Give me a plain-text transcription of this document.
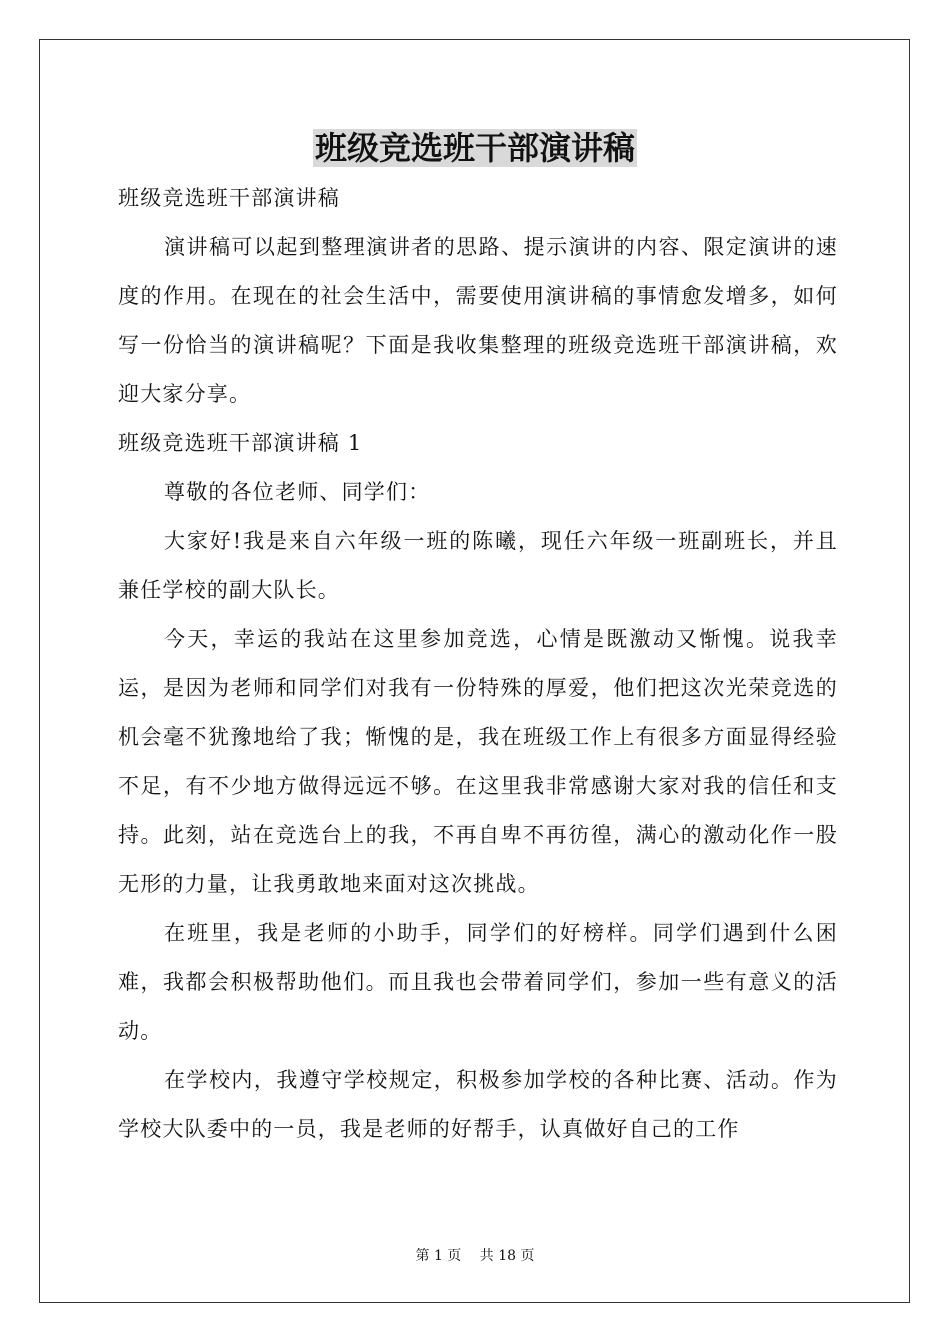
班级竞选班干部演讲稿

班级竞选班干部演讲稿

演讲稿可以起到整理演讲者的思路、提示演讲的内容、限定演讲的速度的作用。在现在的社会生活中，需要使用演讲稿的事情愈发增多，如何写一份恰当的演讲稿呢？下面是我收集整理的班级竞选班干部演讲稿，欢迎大家分享。

班级竞选班干部演讲稿 1

尊敬的各位老师、同学们：

大家好!我是来自六年级一班的陈曦，现任六年级一班副班长，并且兼任学校的副大队长。

今天，幸运的我站在这里参加竞选，心情是既激动又惭愧。说我幸运，是因为老师和同学们对我有一份特殊的厚爱，他们把这次光荣竞选的机会毫不犹豫地给了我；惭愧的是，我在班级工作上有很多方面显得经验不足，有不少地方做得远远不够。在这里我非常感谢大家对我的信任和支持。此刻，站在竞选台上的我，不再自卑不再彷徨，满心的激动化作一股无形的力量，让我勇敢地来面对这次挑战。

在班里，我是老师的小助手，同学们的好榜样。同学们遇到什么困难，我都会积极帮助他们。而且我也会带着同学们，参加一些有意义的活动。

在学校内，我遵守学校规定，积极参加学校的各种比赛、活动。作为学校大队委中的一员，我是老师的好帮手，认真做好自己的工作

第 1 页　 共 18 页
